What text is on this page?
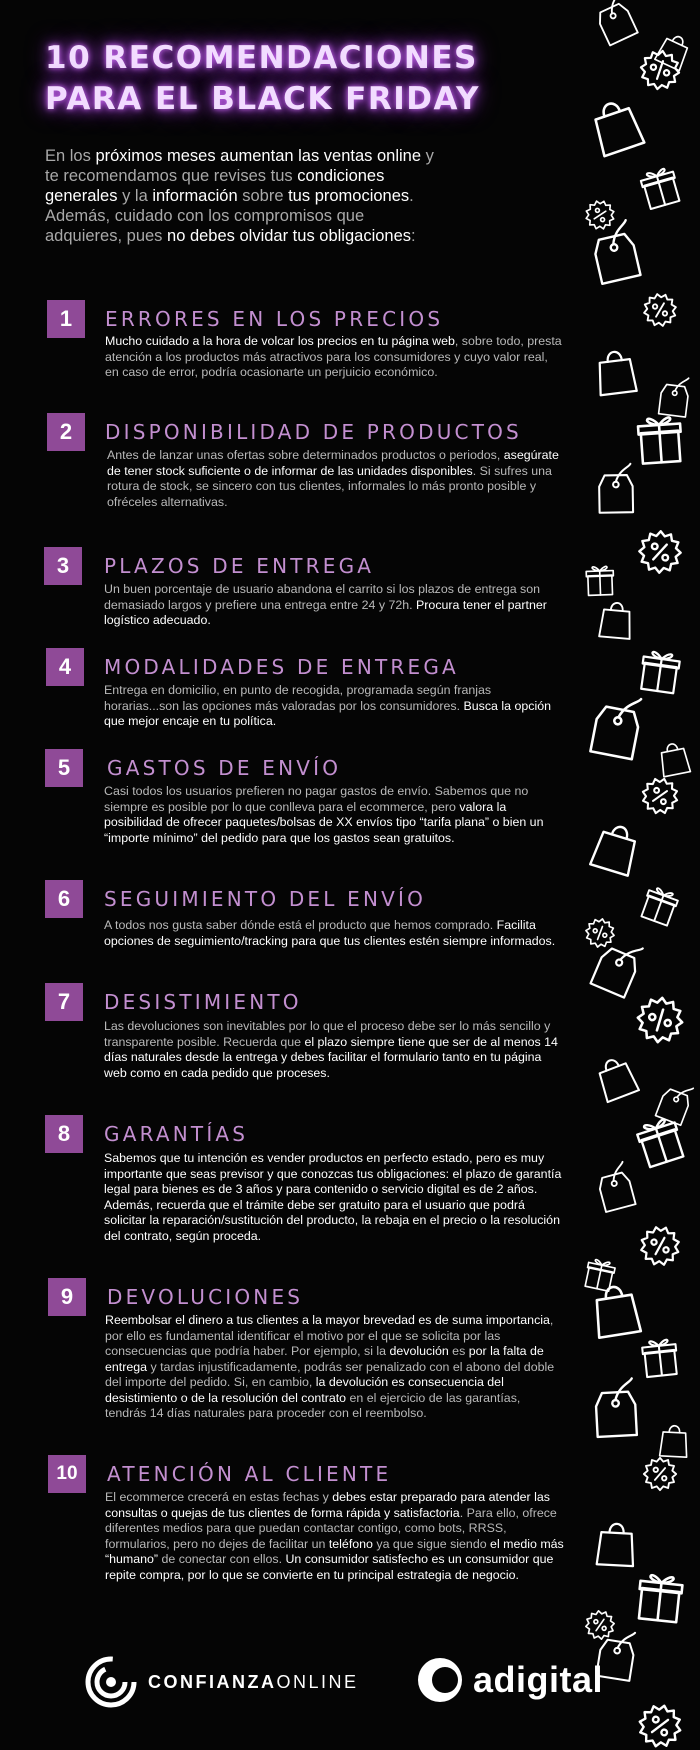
10 RECOMENDACIONES
PARA EL BLACK FRIDAY

En los próximos meses aumentan las ventas online y te recomendamos que revises tus condiciones generales y la información sobre tus promociones. Además, cuidado con los compromisos que adquieres, pues no debes olvidar tus obligaciones:

1	ERRORES EN LOS PRECIOS
Mucho cuidado a la hora de volcar los precios en tu página web, sobre todo, presta atención a los productos más atractivos para los consumidores y cuyo valor real, en caso de error, podría ocasionarte un perjuicio económico.
2	DISPONIBILIDAD DE PRODUCTOS
Antes de lanzar unas ofertas sobre determinados productos o periodos, asegúrate de tener stock suficiente o de informar de las unidades disponibles. Si sufres una rotura de stock, se sincero con tus clientes, informales lo más pronto posible y ofréceles alternativas.
3	PLAZOS DE ENTREGA
Un buen porcentaje de usuario abandona el carrito si los plazos de entrega son demasiado largos y prefiere una entrega entre 24 y 72h. Procura tener el partner logístico adecuado.
4	MODALIDADES DE ENTREGA
Entrega en domicilio, en punto de recogida, programada según franjas horarias...son las opciones más valoradas por los consumidores. Busca la opción que mejor encaje en tu política.
5	GASTOS DE ENVÍO
Casi todos los usuarios prefieren no pagar gastos de envío. Sabemos que no siempre es posible por lo que conlleva para el ecommerce, pero valora la posibilidad de ofrecer paquetes/bolsas de XX envíos tipo “tarifa plana” o bien un “importe mínimo” del pedido para que los gastos sean gratuitos.
6	SEGUIMIENTO DEL ENVÍO
A todos nos gusta saber dónde está el producto que hemos comprado. Facilita opciones de seguimiento/tracking para que tus clientes estén siempre informados.
7	DESISTIMIENTO
Las devoluciones son inevitables por lo que el proceso debe ser lo más sencillo y transparente posible. Recuerda que el plazo siempre tiene que ser de al menos 14 días naturales desde la entrega y debes facilitar el formulario tanto en tu página web como en cada pedido que proceses.
8	GARANTÍAS
Sabemos que tu intención es vender productos en perfecto estado, pero es muy importante que seas previsor y que conozcas tus obligaciones: el plazo de garantía legal para bienes es de 3 años y para contenido o servicio digital es de 2 años. Además, recuerda que el trámite debe ser gratuito para el usuario que podrá solicitar la reparación/sustitución del producto, la rebaja en el precio o la resolución del contrato, según proceda.
9	DEVOLUCIONES
Reembolsar el dinero a tus clientes a la mayor brevedad es de suma importancia, por ello es fundamental identificar el motivo por el que se solicita por las consecuencias que podría haber. Por ejemplo, si la devolución es por la falta de entrega y tardas injustificadamente, podrás ser penalizado con el abono del doble del importe del pedido. Si, en cambio, la devolución es consecuencia del desistimiento o de la resolución del contrato en el ejercicio de las garantías, tendrás 14 días naturales para proceder con el reembolso.
10	ATENCIÓN AL CLIENTE
El ecommerce crecerá en estas fechas y debes estar preparado para atender las consultas o quejas de tus clientes de forma rápida y satisfactoria. Para ello, ofrece diferentes medios para que puedan contactar contigo, como bots, RRSS, formularios, pero no dejes de facilitar un teléfono ya que sigue siendo el medio más “humano” de conectar con ellos. Un consumidor satisfecho es un consumidor que repite compra, por lo que se convierte en tu principal estrategia de negocio.
CONFIANZAONLINE	adigital
